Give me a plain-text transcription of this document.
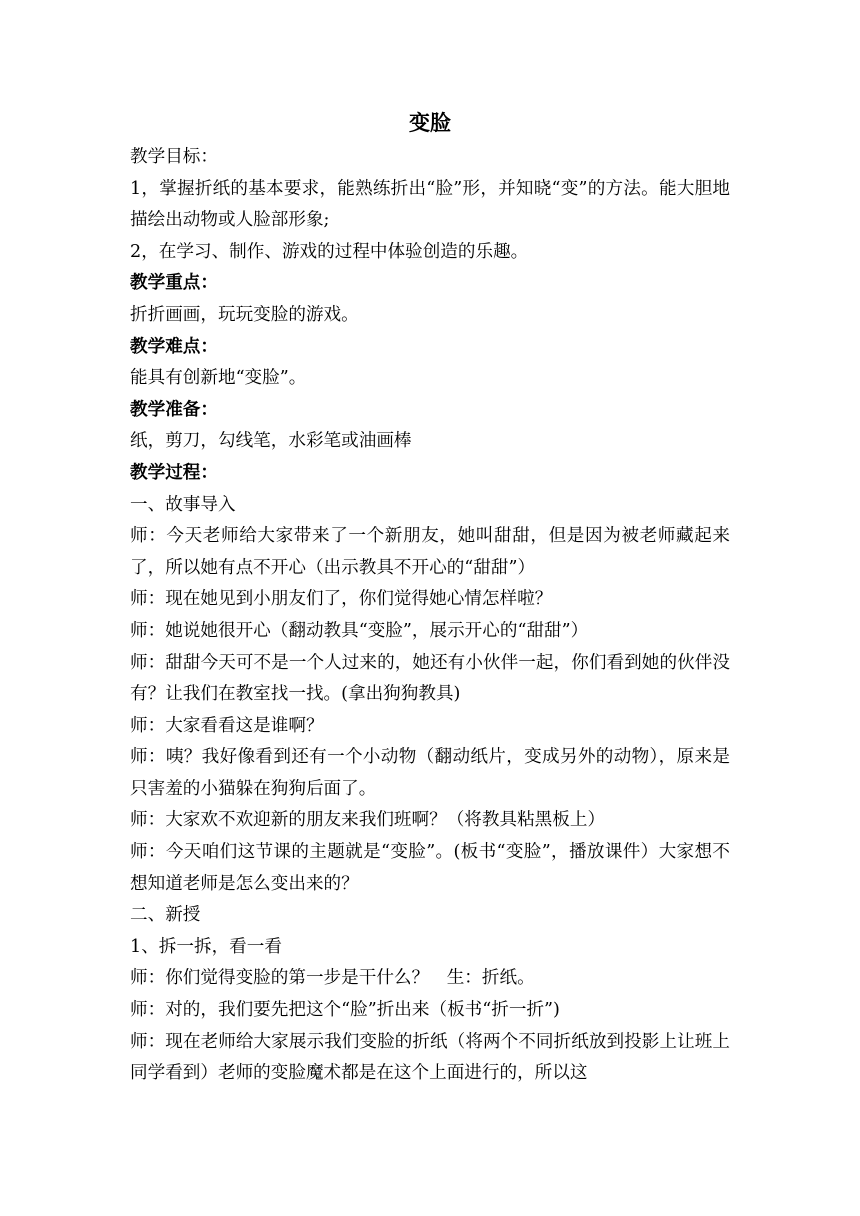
变脸

教学目标：

1，掌握折纸的基本要求，能熟练折出“脸”形，并知晓“变”的方法。能大胆地描绘出动物或人脸部形象;

2，在学习、制作、游戏的过程中体验创造的乐趣。

教学重点：

折折画画，玩玩变脸的游戏。

教学难点：

能具有创新地“变脸”。

教学准备：

纸，剪刀，勾线笔，水彩笔或油画棒

教学过程：

一、故事导入

师：今天老师给大家带来了一个新朋友，她叫甜甜，但是因为被老师藏起来了，所以她有点不开心（出示教具不开心的“甜甜”）

师：现在她见到小朋友们了，你们觉得她心情怎样啦？

师：她说她很开心（翻动教具“变脸”，展示开心的“甜甜”）

师：甜甜今天可不是一个人过来的，她还有小伙伴一起，你们看到她的伙伴没有？让我们在教室找一找。(拿出狗狗教具)

师：大家看看这是谁啊？

师：咦？我好像看到还有一个小动物（翻动纸片，变成另外的动物），原来是只害羞的小猫躲在狗狗后面了。

师：大家欢不欢迎新的朋友来我们班啊？（将教具粘黑板上）

师：今天咱们这节课的主题就是“变脸”。(板书“变脸”，播放课件）大家想不想知道老师是怎么变出来的？

二、新授

1、拆一拆，看一看

师：你们觉得变脸的第一步是干什么？　生：折纸。

师：对的，我们要先把这个“脸”折出来（板书“折一折”)

师：现在老师给大家展示我们变脸的折纸（将两个不同折纸放到投影上让班上同学看到）老师的变脸魔术都是在这个上面进行的，所以这
